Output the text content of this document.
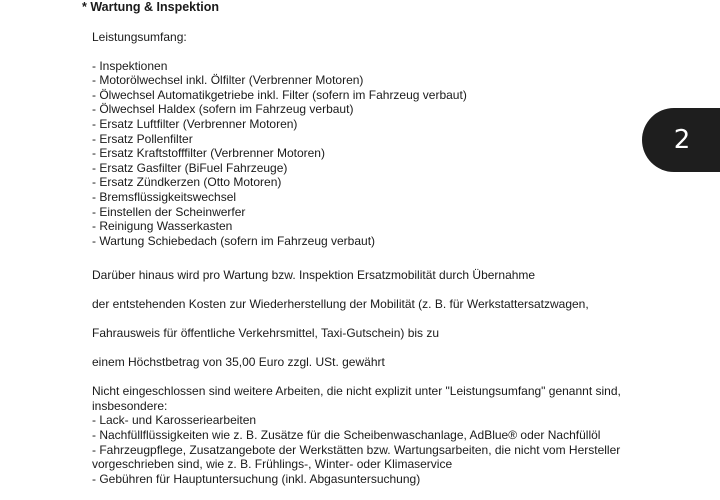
* Wartung & Inspektion

Leistungsumfang:

- Inspektionen
- Motorölwechsel inkl. Ölfilter (Verbrenner Motoren)
- Ölwechsel Automatikgetriebe inkl. Filter (sofern im Fahrzeug verbaut)
- Ölwechsel Haldex (sofern im Fahrzeug verbaut)
- Ersatz Luftfilter (Verbrenner Motoren)
- Ersatz Pollenfilter
- Ersatz Kraftstofffilter (Verbrenner Motoren)
- Ersatz Gasfilter (BiFuel Fahrzeuge)
- Ersatz Zündkerzen (Otto Motoren)
- Bremsflüssigkeitswechsel
- Einstellen der Scheinwerfer
- Reinigung Wasserkasten
- Wartung Schiebedach (sofern im Fahrzeug verbaut)

Darüber hinaus wird pro Wartung bzw. Inspektion Ersatzmobilität durch Übernahme

der entstehenden Kosten zur Wiederherstellung der Mobilität (z. B. für Werkstattersatzwagen,

Fahrausweis für öffentliche Verkehrsmittel, Taxi-Gutschein) bis zu

einem Höchstbetrag von 35,00 Euro zzgl. USt. gewährt

Nicht eingeschlossen sind weitere Arbeiten, die nicht explizit unter "Leistungsumfang" genannt sind, insbesondere:

- Lack- und Karosseriearbeiten
- Nachfüllflüssigkeiten wie z. B. Zusätze für die Scheibenwaschanlage, AdBlue® oder Nachfüllöl
- Fahrzeugpflege, Zusatzangebote der Werkstätten bzw. Wartungsarbeiten, die nicht vom Hersteller vorgeschrieben sind, wie z. B. Frühlings-, Winter- oder Klimaservice
- Gebühren für Hauptuntersuchung (inkl. Abgasuntersuchung)
2
